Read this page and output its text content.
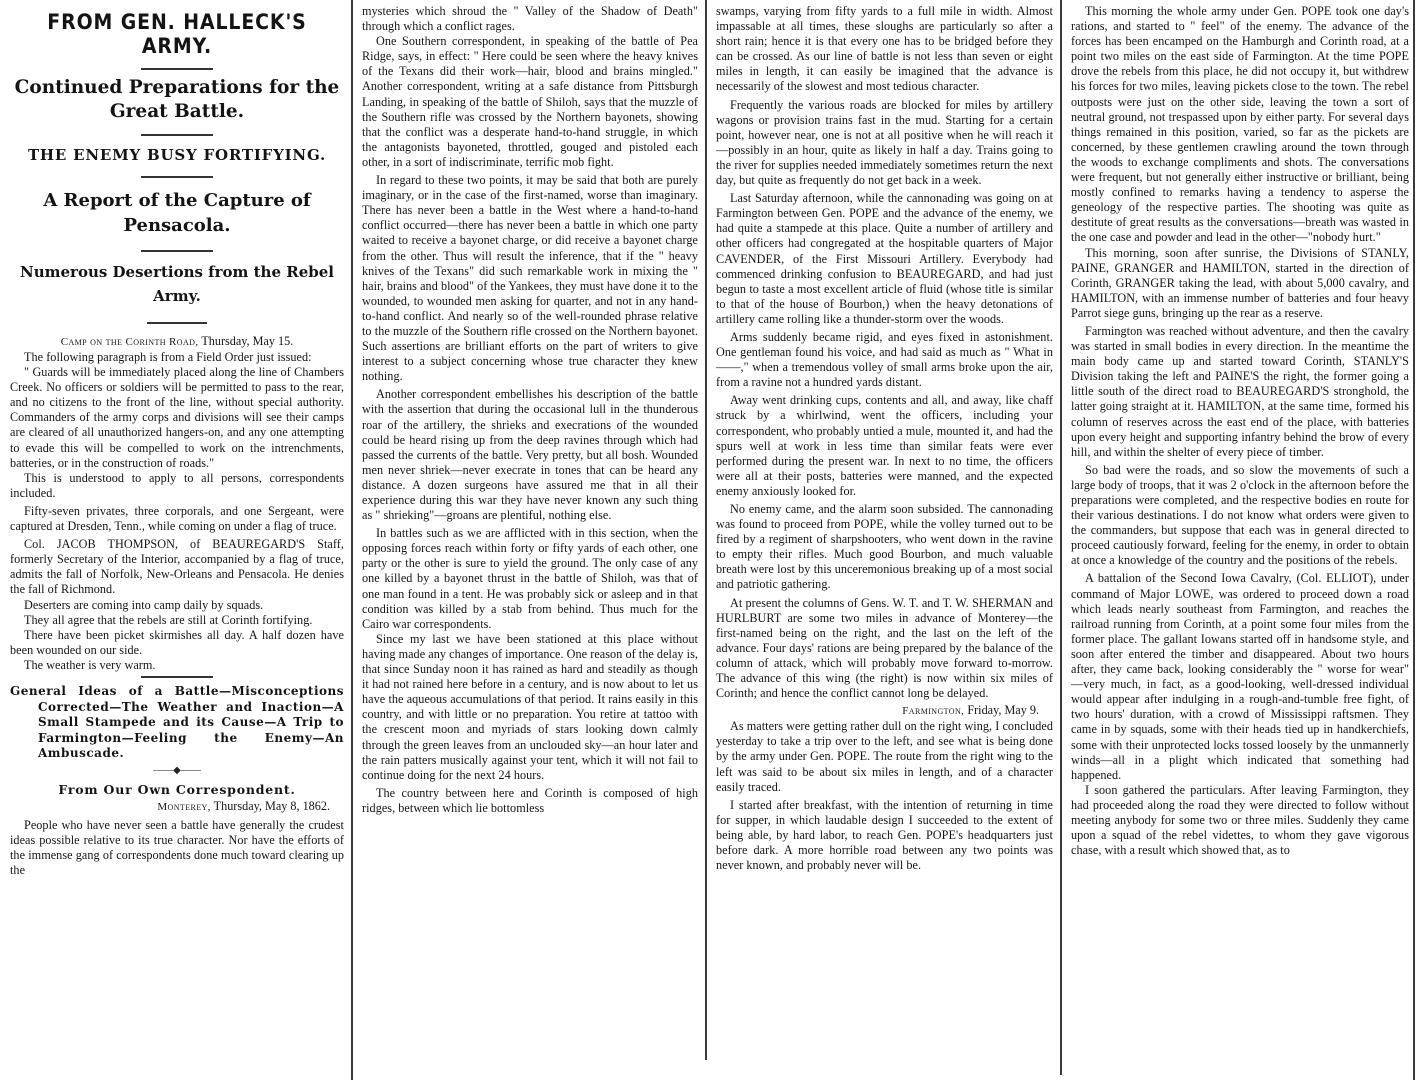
FROM GEN. HALLECK'S ARMY.
Continued Preparations for the Great Battle.
THE ENEMY BUSY FORTIFYING.
A Report of the Capture of Pensacola.
Numerous Desertions from the Rebel Army.
Camp on the Corinth Road, Thursday, May 15.

The following paragraph is from a Field Order just issued:

" Guards will be immediately placed along the line of Chambers Creek. No officers or soldiers will be permitted to pass to the rear, and no citizens to the front of the line, without special authority. Commanders of the army corps and divisions will see their camps are cleared of all unauthorized hangers-on, and any one attempting to evade this will be compelled to work on the intrenchments, batteries, or in the construction of roads."

This is understood to apply to all persons, correspondents included.

Fifty-seven privates, three corporals, and one Sergeant, were captured at Dresden, Tenn., while coming on under a flag of truce.

Col. JACOB THOMPSON, of BEAUREGARD'S Staff, formerly Secretary of the Interior, accompanied by a flag of truce, admits the fall of Norfolk, New-Orleans and Pensacola. He denies the fall of Richmond.

Deserters are coming into camp daily by squads.

They all agree that the rebels are still at Corinth fortifying.

There have been picket skirmishes all day. A half dozen have been wounded on our side.

The weather is very warm.

General Ideas of a Battle—Misconceptions Corrected—The Weather and Inaction—A Small Stampede and its Cause—A Trip to Farmington—Feeling the Enemy—An Ambuscade.
——◆——
From Our Own Correspondent.
Monterey, Thursday, May 8, 1862.

People who have never seen a battle have generally the crudest ideas possible relative to its true character. Nor have the efforts of the immense gang of correspondents done much toward clearing up the

mysteries which shroud the " Valley of the Shadow of Death" through which a conflict rages.

One Southern correspondent, in speaking of the battle of Pea Ridge, says, in effect: " Here could be seen where the heavy knives of the Texans did their work—hair, blood and brains mingled." Another correspondent, writing at a safe distance from Pittsburgh Landing, in speaking of the battle of Shiloh, says that the muzzle of the Southern rifle was crossed by the Northern bayonets, showing that the conflict was a desperate hand-to-hand struggle, in which the antagonists bayoneted, throttled, gouged and pistoled each other, in a sort of indiscriminate, terrific mob fight.

In regard to these two points, it may be said that both are purely imaginary, or in the case of the first-named, worse than imaginary. There has never been a battle in the West where a hand-to-hand conflict occurred—there has never been a battle in which one party waited to receive a bayonet charge, or did receive a bayonet charge from the other. Thus will result the inference, that if the " heavy knives of the Texans" did such remarkable work in mixing the " hair, brains and blood" of the Yankees, they must have done it to the wounded, to wounded men asking for quarter, and not in any hand-to-hand conflict. And nearly so of the well-rounded phrase relative to the muzzle of the Southern rifle crossed on the Northern bayonet. Such assertions are brilliant efforts on the part of writers to give interest to a subject concerning whose true character they knew nothing.

Another correspondent embellishes his description of the battle with the assertion that during the occasional lull in the thunderous roar of the artillery, the shrieks and execrations of the wounded could be heard rising up from the deep ravines through which had passed the currents of the battle. Very pretty, but all bosh. Wounded men never shriek—never execrate in tones that can be heard any distance. A dozen surgeons have assured me that in all their experience during this war they have never known any such thing as " shrieking"—groans are plentiful, nothing else.

In battles such as we are afflicted with in this section, when the opposing forces reach within forty or fifty yards of each other, one party or the other is sure to yield the ground. The only case of any one killed by a bayonet thrust in the battle of Shiloh, was that of one man found in a tent. He was probably sick or asleep and in that condition was killed by a stab from behind. Thus much for the Cairo war correspondents.

Since my last we have been stationed at this place without having made any changes of importance. One reason of the delay is, that since Sunday noon it has rained as hard and steadily as though it had not rained here before in a century, and is now about to let us have the aqueous accumulations of that period. It rains easily in this country, and with little or no preparation. You retire at tattoo with the crescent moon and myriads of stars looking down calmly through the green leaves from an unclouded sky—an hour later and the rain patters musically against your tent, which it will not fail to continue doing for the next 24 hours.

The country between here and Corinth is composed of high ridges, between which lie bottomless

swamps, varying from fifty yards to a full mile in width. Almost impassable at all times, these sloughs are particularly so after a short rain; hence it is that every one has to be bridged before they can be crossed. As our line of battle is not less than seven or eight miles in length, it can easily be imagined that the advance is necessarily of the slowest and most tedious character.

Frequently the various roads are blocked for miles by artillery wagons or provision trains fast in the mud. Starting for a certain point, however near, one is not at all positive when he will reach it—possibly in an hour, quite as likely in half a day. Trains going to the river for supplies needed immediately sometimes return the next day, but quite as frequently do not get back in a week.

Last Saturday afternoon, while the cannonading was going on at Farmington between Gen. POPE and the advance of the enemy, we had quite a stampede at this place. Quite a number of artillery and other officers had congregated at the hospitable quarters of Major CAVENDER, of the First Missouri Artillery. Everybody had commenced drinking confusion to BEAUREGARD, and had just begun to taste a most excellent article of fluid (whose title is similar to that of the house of Bourbon,) when the heavy detonations of artillery came rolling like a thunder-storm over the woods.

Arms suddenly became rigid, and eyes fixed in astonishment. One gentleman found his voice, and had said as much as " What in ——," when a tremendous volley of small arms broke upon the air, from a ravine not a hundred yards distant.

Away went drinking cups, contents and all, and away, like chaff struck by a whirlwind, went the officers, including your correspondent, who probably untied a mule, mounted it, and had the spurs well at work in less time than similar feats were ever performed during the present war. In next to no time, the officers were all at their posts, batteries were manned, and the expected enemy anxiously looked for.

No enemy came, and the alarm soon subsided. The cannonading was found to proceed from POPE, while the volley turned out to be fired by a regiment of sharpshooters, who went down in the ravine to empty their rifles. Much good Bourbon, and much valuable breath were lost by this unceremonious breaking up of a most social and patriotic gathering.

At present the columns of Gens. W. T. and T. W. SHERMAN and HURLBURT are some two miles in advance of Monterey—the first-named being on the right, and the last on the left of the advance. Four days' rations are being prepared by the balance of the column of attack, which will probably move forward to-morrow. The advance of this wing (the right) is now within six miles of Corinth; and hence the conflict cannot long be delayed.

Farmington, Friday, May 9.

As matters were getting rather dull on the right wing, I concluded yesterday to take a trip over to the left, and see what is being done by the army under Gen. POPE. The route from the right wing to the left was said to be about six miles in length, and of a character easily traced.

I started after breakfast, with the intention of returning in time for supper, in which laudable design I succeeded to the extent of being able, by hard labor, to reach Gen. POPE's headquarters just before dark. A more horrible road between any two points was never known, and probably never will be.

This morning the whole army under Gen. POPE took one day's rations, and started to " feel" of the enemy. The advance of the forces has been encamped on the Hamburgh and Corinth road, at a point two miles on the east side of Farmington. At the time POPE drove the rebels from this place, he did not occupy it, but withdrew his forces for two miles, leaving pickets close to the town. The rebel outposts were just on the other side, leaving the town a sort of neutral ground, not trespassed upon by either party. For several days things remained in this position, varied, so far as the pickets are concerned, by these gentlemen crawling around the town through the woods to exchange compliments and shots. The conversations were frequent, but not generally either instructive or brilliant, being mostly confined to remarks having a tendency to asperse the geneology of the respective parties. The shooting was quite as destitute of great results as the conversations—breath was wasted in the one case and powder and lead in the other—"nobody hurt."

This morning, soon after sunrise, the Divisions of STANLY, PAINE, GRANGER and HAMILTON, started in the direction of Corinth, GRANGER taking the lead, with about 5,000 cavalry, and HAMILTON, with an immense number of batteries and four heavy Parrot siege guns, bringing up the rear as a reserve.

Farmington was reached without adventure, and then the cavalry was started in small bodies in every direction. In the meantime the main body came up and started toward Corinth, STANLY'S Division taking the left and PAINE'S the right, the former going a little south of the direct road to BEAUREGARD'S stronghold, the latter going straight at it. HAMILTON, at the same time, formed his column of reserves across the east end of the place, with batteries upon every height and supporting infantry behind the brow of every hill, and within the shelter of every piece of timber.

So bad were the roads, and so slow the movements of such a large body of troops, that it was 2 o'clock in the afternoon before the preparations were completed, and the respective bodies en route for their various destinations. I do not know what orders were given to the commanders, but suppose that each was in general directed to proceed cautiously forward, feeling for the enemy, in order to obtain at once a knowledge of the country and the positions of the rebels.

A battalion of the Second Iowa Cavalry, (Col. ELLIOT), under command of Major LOWE, was ordered to proceed down a road which leads nearly southeast from Farmington, and reaches the railroad running from Corinth, at a point some four miles from the former place. The gallant Iowans started off in handsome style, and soon after entered the timber and disappeared. About two hours after, they came back, looking considerably the " worse for wear" —very much, in fact, as a good-looking, well-dressed individual would appear after indulging in a rough-and-tumble free fight, of two hours' duration, with a crowd of Mississippi raftsmen. They came in by squads, some with their heads tied up in handkerchiefs, some with their unprotected locks tossed loosely by the unmannerly winds—all in a plight which indicated that something had happened.

I soon gathered the particulars. After leaving Farmington, they had proceeded along the road they were directed to follow without meeting anybody for some two or three miles. Suddenly they came upon a squad of the rebel videttes, to whom they gave vigorous chase, with a result which showed that, as to
